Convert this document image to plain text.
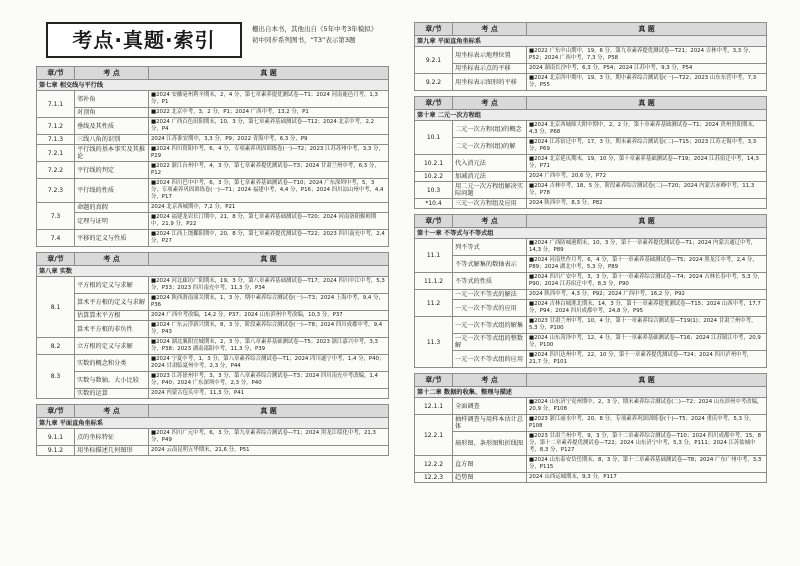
考点·真题·索引	栅出自本书，其他出自《5年中考3年模拟》
初中同步系列图书，“T3”表示第3题
章/节	考 点	真 题
第七章 相交线与平行线		
7.1.1	邻补角	■2024 安徽亳州利辛期末，2，4 分，第七章素养提优测试卷—T1；2024 河南鹿邑月考，1,3 分，P1
	对顶角	■2022 北京中考，3，2 分，P1；2024 广西中考，13,2 分，P1
7.1.2	垂线及其性质	■2024 广西百色田阳期末，10，3 分，第七章素养基础测试卷—T12；2024 北京中考，2,2 分，P4
7.1.3	三线八角的识别	2024 江苏淮安期中，3,3 分，P9；2022 青海中考，6,3 分，P9
7.2.1	平行线的基本事实及其推论	■2024 四川资阳中考，6，4 分，专项素养巩固训练卷(一)—T2；2023 江苏苏州中考，3,3 分，P29
7.2.2	平行线的判定	■2022 浙江台州中考，4，3 分，第七章素养提优测试卷—T3；2024 甘肃兰州中考，6,3 分，P12
7.2.3	平行线的性质	■2024 四川巴中中考，6，3 分，第七章素养基础测试卷—T10；2024 广东深圳中考，5，3 分，专项素养巩固训练卷(一)—T1；2024 福建中考，4,4 分，P16；2024 四川凉山州中考，4,4 分，P17
7.3	命题的真假	2024 北京西城期中，7,2 分，P21
	定理与证明	■2024 福建龙岩长汀期中，21，8 分，第七章素养基础测试卷—T20；2024 河南洛阳偃师期中，21,9 分，P22
7.4	平移的定义与性质	■2024 江西上饶鄱阳期中，20，8 分，第七章素养提优测试卷—T22；2023 四川南充中考，2,4 分，P27

章/节	考 点	真 题
第八章 实数		
8.1	平方根的定义与求解	■2024 河北廊坊广阳期末，19，3 分，第八章素养基础测试卷—T17；2024 四川中江中考，5,3 分，P33；2023 四川南充中考，11,3 分，P34
	算术平方根的定义与求解	■2024 陕西渭南潼关期末，1，3 分，期中素养综合测试卷(一)—T3；2024 上海中考，9,4 分，P36
	估算算术平方根	2024 广西中考改编，14,2 分，P37；2024 山东滨州中考改编，10,3 分，P37
	算术平方根的非负性	■2024 广东云浮新兴期末，8，3 分，阶段素养综合测试卷(一)—T8；2024 四川成都中考，9,4 分，P43
8.2	立方根的定义与求解	■2024 湖北襄阳宜城期末，2，3 分，第八章素养基础测试卷—T5；2023 浙江嘉兴中考，3,3 分，P38；2023 湖南邵阳中考，11,3 分，P39
8.3	实数的概念和分类	■2024 宁夏中考，1，3 分，第八章素养综合测试卷—T1；2024 四川遂宁中考，1,4 分，P40；2024 甘肃临夏州中考，2,3 分，P44
	实数与数轴、大小比较	■2023 江苏徐州中考，3，3 分，第八章素养综合测试卷—T3；2024 四川南充中考改编，1,4 分，P40；2024 广东深圳中考，2,3 分，P40
	实数的运算	2024 内蒙古包头中考，11,3 分，P41

章/节	考 点	真 题
第九章 平面直角坐标系		
9.1.1	点的坐标特征	■2024 四川广元中考，6，3 分，第九章素养综合测试卷—T1；2024 黑龙江绥化中考，21,3 分，P49
9.1.2	用坐标描述几何图形	2024 云南昆明五华期末，21,6 分，P51
章/节	考 点	真 题
第九章 平面直角坐标系		
9.2.1	用坐标表示地理位置	■2022 广东中山期中，19，6 分，第九章素养提优测试卷—T21；2024 吉林中考，3,3 分，P52；2024 广西中考，7,3 分，P58
	用坐标表示点的平移	2024 湖南长沙中考，6,3 分，P54；2024 江苏中考，9,3 分，P54
9.2.2	用坐标表示图形的平移	■2024 北京四中期中，19，3 分，期中素养综合测试卷(一)—T22；2023 山东东营中考，7,3 分，P55

章/节	考 点	真 题
第十章 二元一次方程组		
10.1	二元一次方程(组)的概念	■2024 北京西城师大附中期中，2，2 分，第十章素养基础测试卷—T1；2024 贵州贵阳期末，4,3 分，P68
	二元一次方程(组)的解	■2024 江苏宿迁中考，17，3 分，期末素养综合测试卷(二)—T15；2023 江苏无锡中考，3,3 分，P69
10.2.1	代入消元法	■2024 北京延庆期末，19，10 分，第十章素养基础测试卷—T19；2024 江苏宿迁中考，14,3 分，P71
10.2.2	加减消元法	2024 广西中考，20,6 分，P72
10.3	用二元一次方程组解决实际问题	■2024 吉林中考，18，5 分，阶段素养综合测试卷(二)—T20；2024 内蒙古赤峰中考，11,3 分，P78
*10.4	三元一次方程组及应用	2024 陕西中考，8,3 分，P82

章/节	考 点	真 题
第十一章 不等式与不等式组		
11.1	列不等式	■2024 广西防城港期末，10，3 分，第十一章素养提优测试卷—T1；2024 内蒙古通辽中考，14,3 分，P89
	不等式解集的数轴表示	■2024 河南焦作月考，6，4 分，第十一章素养基础测试卷—T5；2024 黑龙江中考，2,4 分，P89；2024 湖北中考，5,3 分，P89
11.1.2	不等式的性质	■2024 四川广安中考，3，3 分，第十一章素养综合测试卷—T4；2024 吉林长春中考，5,3 分，P90；2024 江苏宿迁中考，8,3 分，P90
11.2	一元一次不等式的解法	2024 陕西中考，4,3 分，P92；2024 广西中考，16,2 分，P92
	一元一次不等式的应用	■2024 吉林白城洮北期末，14，3 分，第十一章素养提优测试卷—T15；2024 山西中考，17,7 分，P94；2024 四川成都中考，24,8 分，P95
11.3	一元一次不等式组的解集	■2023 甘肃兰州中考，10，4 分，第十一章素养综合测试卷—T19(1)；2024 甘肃兰州中考，5,3 分，P100
	一元一次不等式组的整数解	■2024 山东菏泽中考，12，4 分，第十一章素养基础测试卷—T16；2024 江苏镇江中考，20,9 分，P100
	一元一次不等式组的应用	■2024 四川达州中考，22，10 分，第十一章素养提优测试卷—T24；2024 四川泸州中考，21,7 分，P101

章/节	考 点	真 题
第十二章 数据的收集、整理与描述		
12.1.1	全面调查	■2024 山东济宁兖州期中，2，3 分，期末素养综合测试卷(二)—T2；2024 山东滨州中考改编，20,9 分，P108
12.2.1	抽样调查与用样本估计总体	■2023 浙江丽水中考，20，8 分，专项素养巩固训练卷(十)—T5；2024 重庆中考，5,3 分，P108
	扇形图、条形图和折线图	■2023 甘肃兰州中考，9，3 分，第十二章素养综合测试卷—T10；2024 四川成都中考，15，8 分，第十二章素养提优测试卷—T22；2024 山东济宁中考，5,3 分，P111；2024 江苏盐城中考，8,3 分，P127
12.2.2	直方图	■2024 山东泰安岱岳期末，8，3 分，第十二章素养基础测试卷—T8；2024 广东广州中考，3,3 分，P115
12.2.3	趋势图	2024 山西运城期末，9,3 分，P117
